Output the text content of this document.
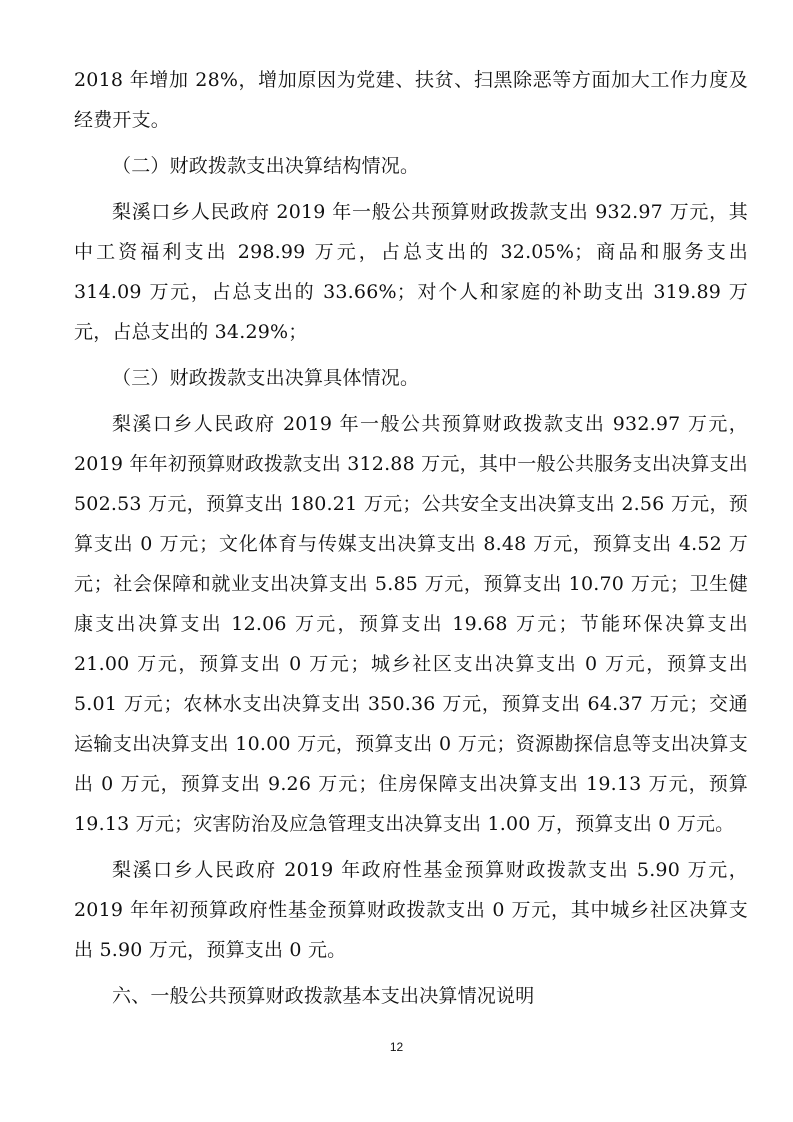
2018 年增加 28%，增加原因为党建、扶贫、扫黑除恶等方面加大工作力度及经费开支。

（二）财政拨款支出决算结构情况。

梨溪口乡人民政府 2019 年一般公共预算财政拨款支出 932.97 万元，其中工资福利支出 298.99 万元，占总支出的 32.05%；商品和服务支出 314.09 万元，占总支出的 33.66%；对个人和家庭的补助支出 319.89 万元，占总支出的 34.29%；

（三）财政拨款支出决算具体情况。

梨溪口乡人民政府 2019 年一般公共预算财政拨款支出 932.97 万元，2019 年年初预算财政拨款支出 312.88 万元，其中一般公共服务支出决算支出 502.53 万元，预算支出 180.21 万元；公共安全支出决算支出 2.56 万元，预算支出 0 万元；文化体育与传媒支出决算支出 8.48 万元，预算支出 4.52 万元；社会保障和就业支出决算支出 5.85 万元，预算支出 10.70 万元；卫生健康支出决算支出 12.06 万元，预算支出 19.68 万元；节能环保决算支出 21.00 万元，预算支出 0 万元；城乡社区支出决算支出 0 万元，预算支出 5.01 万元；农林水支出决算支出 350.36 万元，预算支出 64.37 万元；交通运输支出决算支出 10.00 万元，预算支出 0 万元；资源勘探信息等支出决算支出 0 万元，预算支出 9.26 万元；住房保障支出决算支出 19.13 万元，预算 19.13 万元；灾害防治及应急管理支出决算支出 1.00 万，预算支出 0 万元。

梨溪口乡人民政府 2019 年政府性基金预算财政拨款支出 5.90 万元，2019 年年初预算政府性基金预算财政拨款支出 0 万元，其中城乡社区决算支出 5.90 万元，预算支出 0 元。

六、一般公共预算财政拨款基本支出决算情况说明

12
